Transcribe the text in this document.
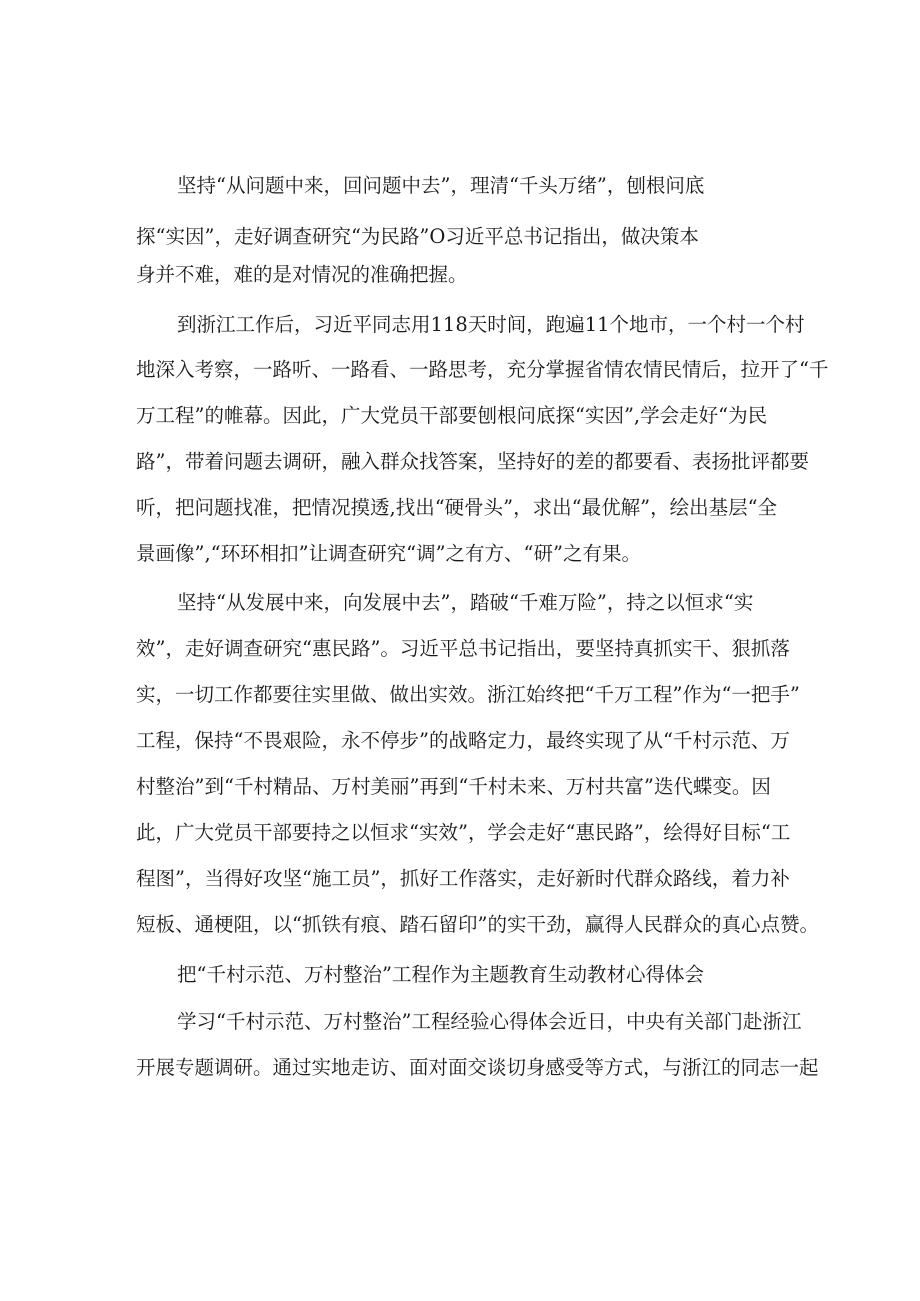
坚持“从问题中来，回问题中去”，理清“千头万绪”，刨根问底
探“实因”，走好调查研究“为民路”O习近平总书记指出，做决策本
身并不难，难的是对情况的准确把握。
到浙江工作后，习近平同志用118天时间，跑遍11个地市，一个村一个村
地深入考察，一路听、一路看、一路思考，充分掌握省情农情民情后，拉开了“千
万工程”的帷幕。因此，广大党员干部要刨根问底探“实因”,学会走好“为民
路”，带着问题去调研，融入群众找答案，坚持好的差的都要看、表扬批评都要
听，把问题找准，把情况摸透,找出“硬骨头”，求出“最优解”，绘出基层“全
景画像”,“环环相扣”让调查研究“调”之有方、“研”之有果。
坚持“从发展中来，向发展中去”，踏破“千难万险”，持之以恒求“实
效”，走好调查研究“惠民路”。习近平总书记指出，要坚持真抓实干、狠抓落
实，一切工作都要往实里做、做出实效。浙江始终把“千万工程”作为“一把手”
工程，保持“不畏艰险，永不停步”的战略定力，最终实现了从“千村示范、万
村整治”到“千村精品、万村美丽”再到“千村未来、万村共富”迭代蝶变。因
此，广大党员干部要持之以恒求“实效”，学会走好“惠民路”，绘得好目标“工
程图”，当得好攻坚“施工员”，抓好工作落实，走好新时代群众路线，着力补
短板、通梗阻，以“抓铁有痕、踏石留印”的实干劲，赢得人民群众的真心点赞。
把“千村示范、万村整治”工程作为主题教育生动教材心得体会
学习“千村示范、万村整治”工程经验心得体会近日，中央有关部门赴浙江
开展专题调研。通过实地走访、面对面交谈切身感受等方式，与浙江的同志一起
